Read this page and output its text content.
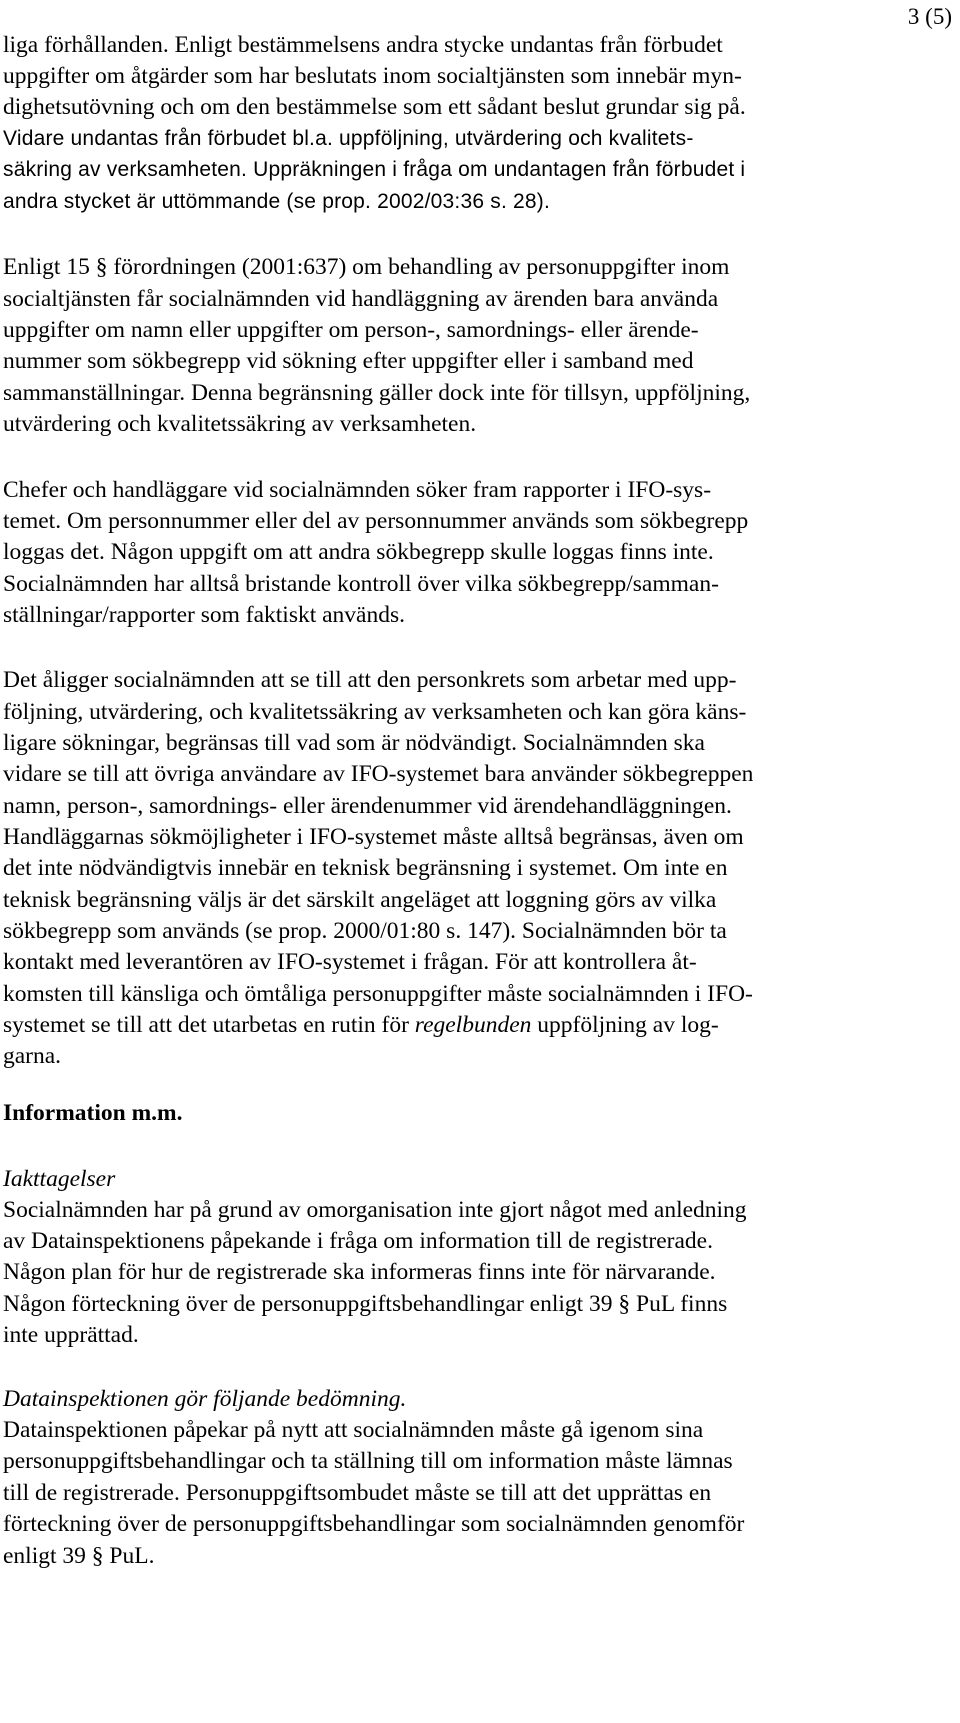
3 (5)
liga förhållanden. Enligt bestämmelsens andra stycke undantas från förbudet
uppgifter om åtgärder som har beslutats inom socialtjänsten som innebär myn-
dighetsutövning och om den bestämmelse som ett sådant beslut grundar sig på.
Vidare undantas från förbudet bl.a. uppföljning, utvärdering och kvalitets-
säkring av verksamheten. Uppräkningen i fråga om undantagen från förbudet i
andra stycket är uttömmande (se prop. 2002/03:36 s. 28).
Enligt 15 § förordningen (2001:637) om behandling av personuppgifter inom
socialtjänsten får socialnämnden vid handläggning av ärenden bara använda
uppgifter om namn eller uppgifter om person-, samordnings- eller ärende-
nummer som sökbegrepp vid sökning efter uppgifter eller i samband med
sammanställningar. Denna begränsning gäller dock inte för tillsyn, uppföljning,
utvärdering och kvalitetssäkring av verksamheten.
Chefer och handläggare vid socialnämnden söker fram rapporter i IFO-sys-
temet. Om personnummer eller del av personnummer används som sökbegrepp
loggas det. Någon uppgift om att andra sökbegrepp skulle loggas finns inte.
Socialnämnden har alltså bristande kontroll över vilka sökbegrepp/samman-
ställningar/rapporter som faktiskt används.
Det åligger socialnämnden att se till att den personkrets som arbetar med upp-
följning, utvärdering, och kvalitetssäkring av verksamheten och kan göra käns-
ligare sökningar, begränsas till vad som är nödvändigt. Socialnämnden ska
vidare se till att övriga användare av IFO-systemet bara använder sökbegreppen
namn, person-, samordnings- eller ärendenummer vid ärendehandläggningen.
Handläggarnas sökmöjligheter i IFO-systemet måste alltså begränsas, även om
det inte nödvändigtvis innebär en teknisk begränsning i systemet. Om inte en
teknisk begränsning väljs är det särskilt angeläget att loggning görs av vilka
sökbegrepp som används (se prop. 2000/01:80 s. 147). Socialnämnden bör ta
kontakt med leverantören av IFO-systemet i frågan. För att kontrollera åt-
komsten till känsliga och ömtåliga personuppgifter måste socialnämnden i IFO-
systemet se till att det utarbetas en rutin för regelbunden uppföljning av log-
garna.
Information m.m.
Iakttagelser
Socialnämnden har på grund av omorganisation inte gjort något med anledning
av Datainspektionens påpekande i fråga om information till de registrerade.
Någon plan för hur de registrerade ska informeras finns inte för närvarande.
Någon förteckning över de personuppgiftsbehandlingar enligt 39 § PuL finns
inte upprättad.
Datainspektionen gör följande bedömning.
Datainspektionen påpekar på nytt att socialnämnden måste gå igenom sina
personuppgiftsbehandlingar och ta ställning till om information måste lämnas
till de registrerade. Personuppgiftsombudet måste se till att det upprättas en
förteckning över de personuppgiftsbehandlingar som socialnämnden genomför
enligt 39 § PuL.
